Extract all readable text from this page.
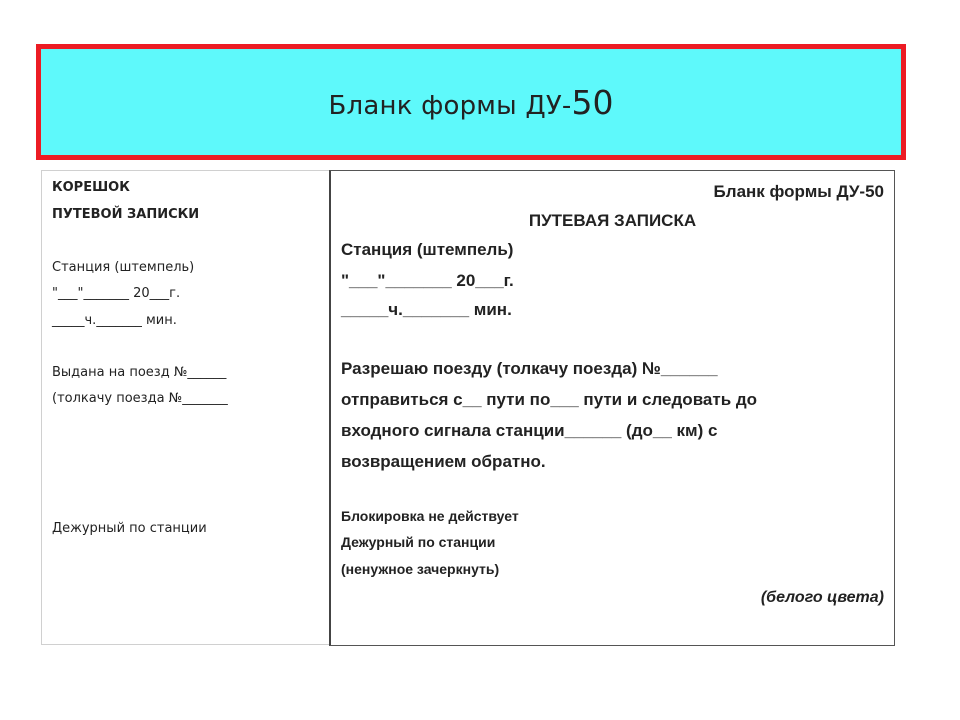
Бланк формы ДУ-50
КОРЕШОК
ПУТЕВОЙ ЗАПИСКИ
Станция (штемпель)
"___"_______ 20___г.
_____ч._______ мин.
Выдана на поезд №______
(толкачу поезда №_______
Дежурный по станции
Бланк формы ДУ-50
ПУТЕВАЯ ЗАПИСКА
Станция (штемпель)
"___"_______ 20___г.
_____ч._______ мин.
Разрешаю поезду (толкачу поезда) №______
отправиться с__ пути по___ пути и следовать до
входного сигнала станции______ (до__ км) с
возвращением обратно.
Блокировка не действует
Дежурный по станции
(ненужное зачеркнуть)
(белого цвета)
